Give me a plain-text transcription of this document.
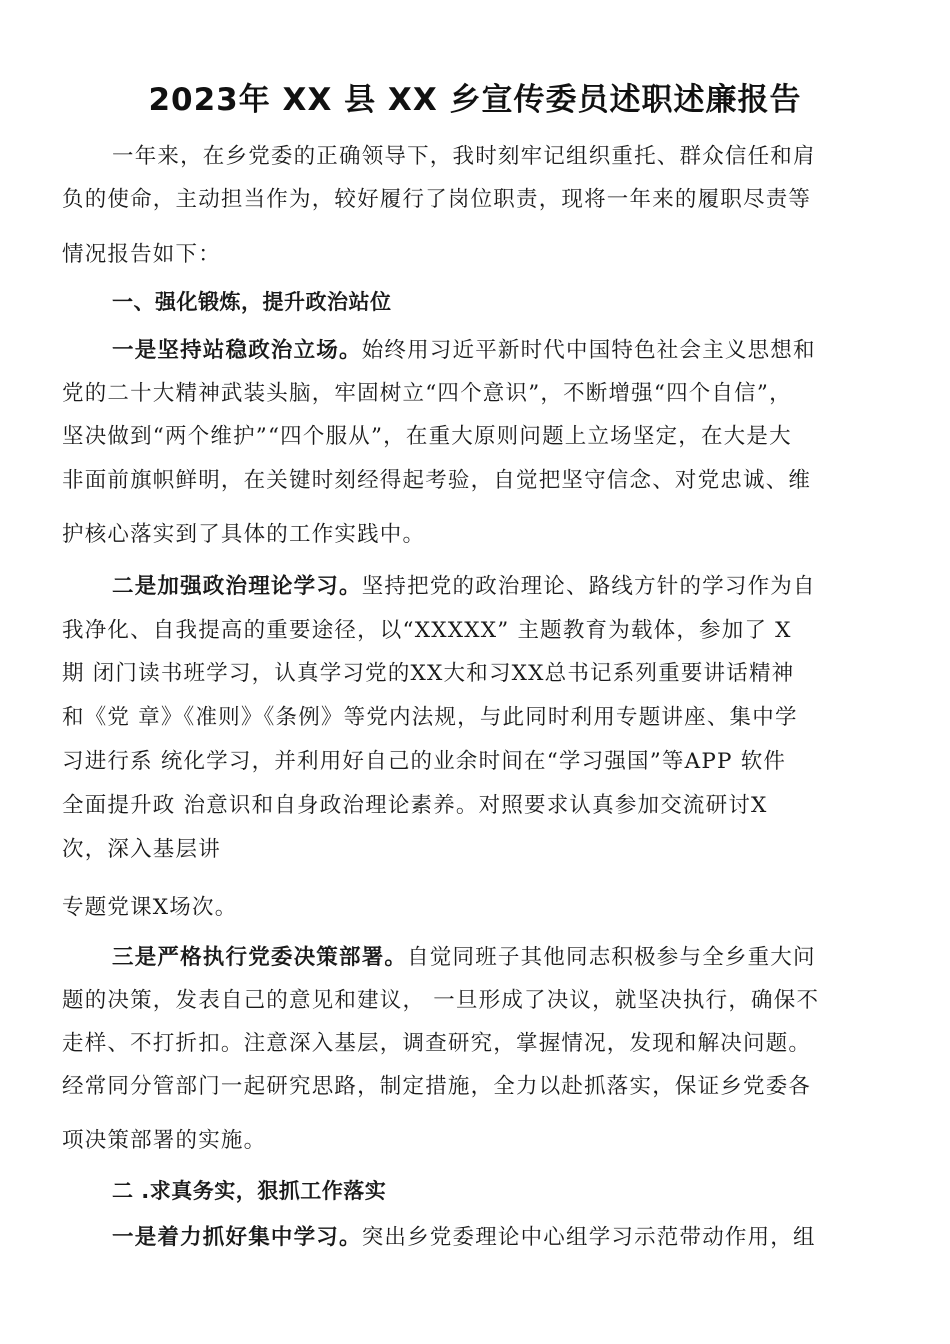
2023年 XX 县 XX 乡宣传委员述职述廉报告
一年来，在乡党委的正确领导下，我时刻牢记组织重托、群众信任和肩
负的使命，主动担当作为，较好履行了岗位职责，现将一年来的履职尽责等
情况报告如下：
一、强化锻炼，提升政治站位
一是坚持站稳政治立场。始终用习近平新时代中国特色社会主义思想和
党的二十大精神武装头脑，牢固树立“四个意识”，不断增强“四个自信”，
坚决做到“两个维护”“四个服从”，在重大原则问题上立场坚定，在大是大
非面前旗帜鲜明，在关键时刻经得起考验，自觉把坚守信念、对党忠诚、维
护核心落实到了具体的工作实践中。
二是加强政治理论学习。坚持把党的政治理论、路线方针的学习作为自
我净化、自我提高的重要途径，以“XXXXX” 主题教育为载体，参加了 X
期 闭门读书班学习，认真学习党的XX大和习XX总书记系列重要讲话精神
和《党 章》《准则》《条例》等党内法规，与此同时利用专题讲座、集中学
习进行系 统化学习，并利用好自己的业余时间在“学习强国”等APP 软件
全面提升政 治意识和自身政治理论素养。对照要求认真参加交流研讨X
次，深入基层讲
专题党课X场次。
三是严格执行党委决策部署。自觉同班子其他同志积极参与全乡重大问
题的决策，发表自己的意见和建议， 一旦形成了决议，就坚决执行，确保不
走样、不打折扣。注意深入基层，调查研究，掌握情况，发现和解决问题。
经常同分管部门一起研究思路，制定措施，全力以赴抓落实，保证乡党委各
项决策部署的实施。
二 .求真务实，狠抓工作落实
一是着力抓好集中学习。突出乡党委理论中心组学习示范带动作用，组
